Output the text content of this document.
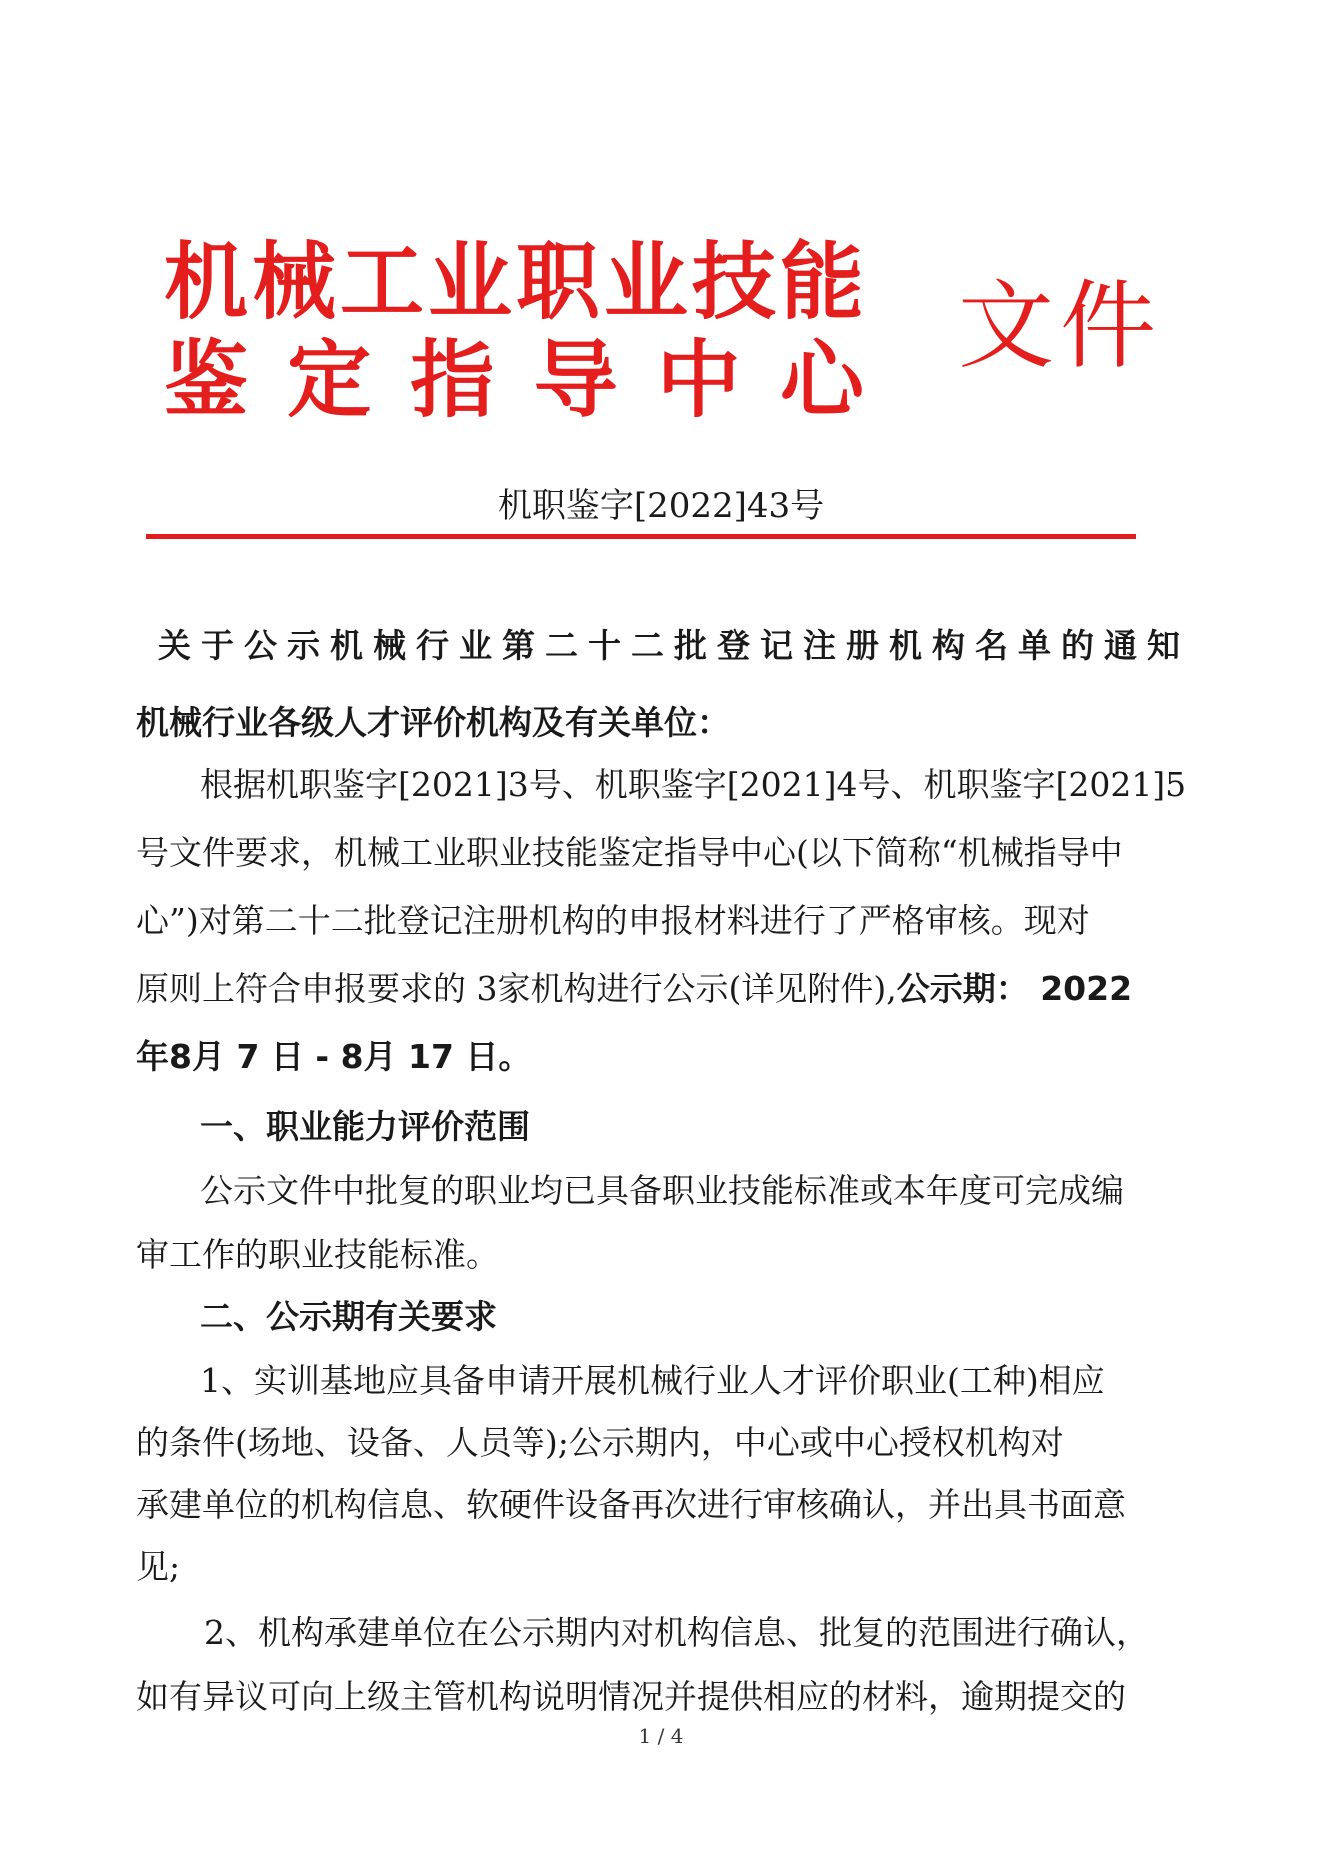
机 械 工 业 职 业 技 能
鉴 定 指 导 中 心 文件
机职鉴字[2022]43号
关于公示机械行业第二十二批登记注册机构名单的通知
机械行业各级人才评价机构及有关单位：
根据机职鉴字[2021]3号、机职鉴字[2021]4号、机职鉴字[2021]5
号文件要求，机械工业职业技能鉴定指导中心(以下简称“机械指导中
心”)对第二十二批登记注册机构的申报材料进行了严格审核。现对
原则上符合申报要求的 3家机构进行公示(详见附件),公示期： 2022
年8月 7 日 - 8月 17 日。
一、职业能力评价范围
公示文件中批复的职业均已具备职业技能标准或本年度可完成编
审工作的职业技能标准。
二、公示期有关要求
1、实训基地应具备申请开展机械行业人才评价职业(工种)相应
的条件(场地、设备、人员等);公示期内，中心或中心授权机构对
承建单位的机构信息、软硬件设备再次进行审核确认，并出具书面意
见;
2、机构承建单位在公示期内对机构信息、批复的范围进行确认，
如有异议可向上级主管机构说明情况并提供相应的材料，逾期提交的
1 / 4
